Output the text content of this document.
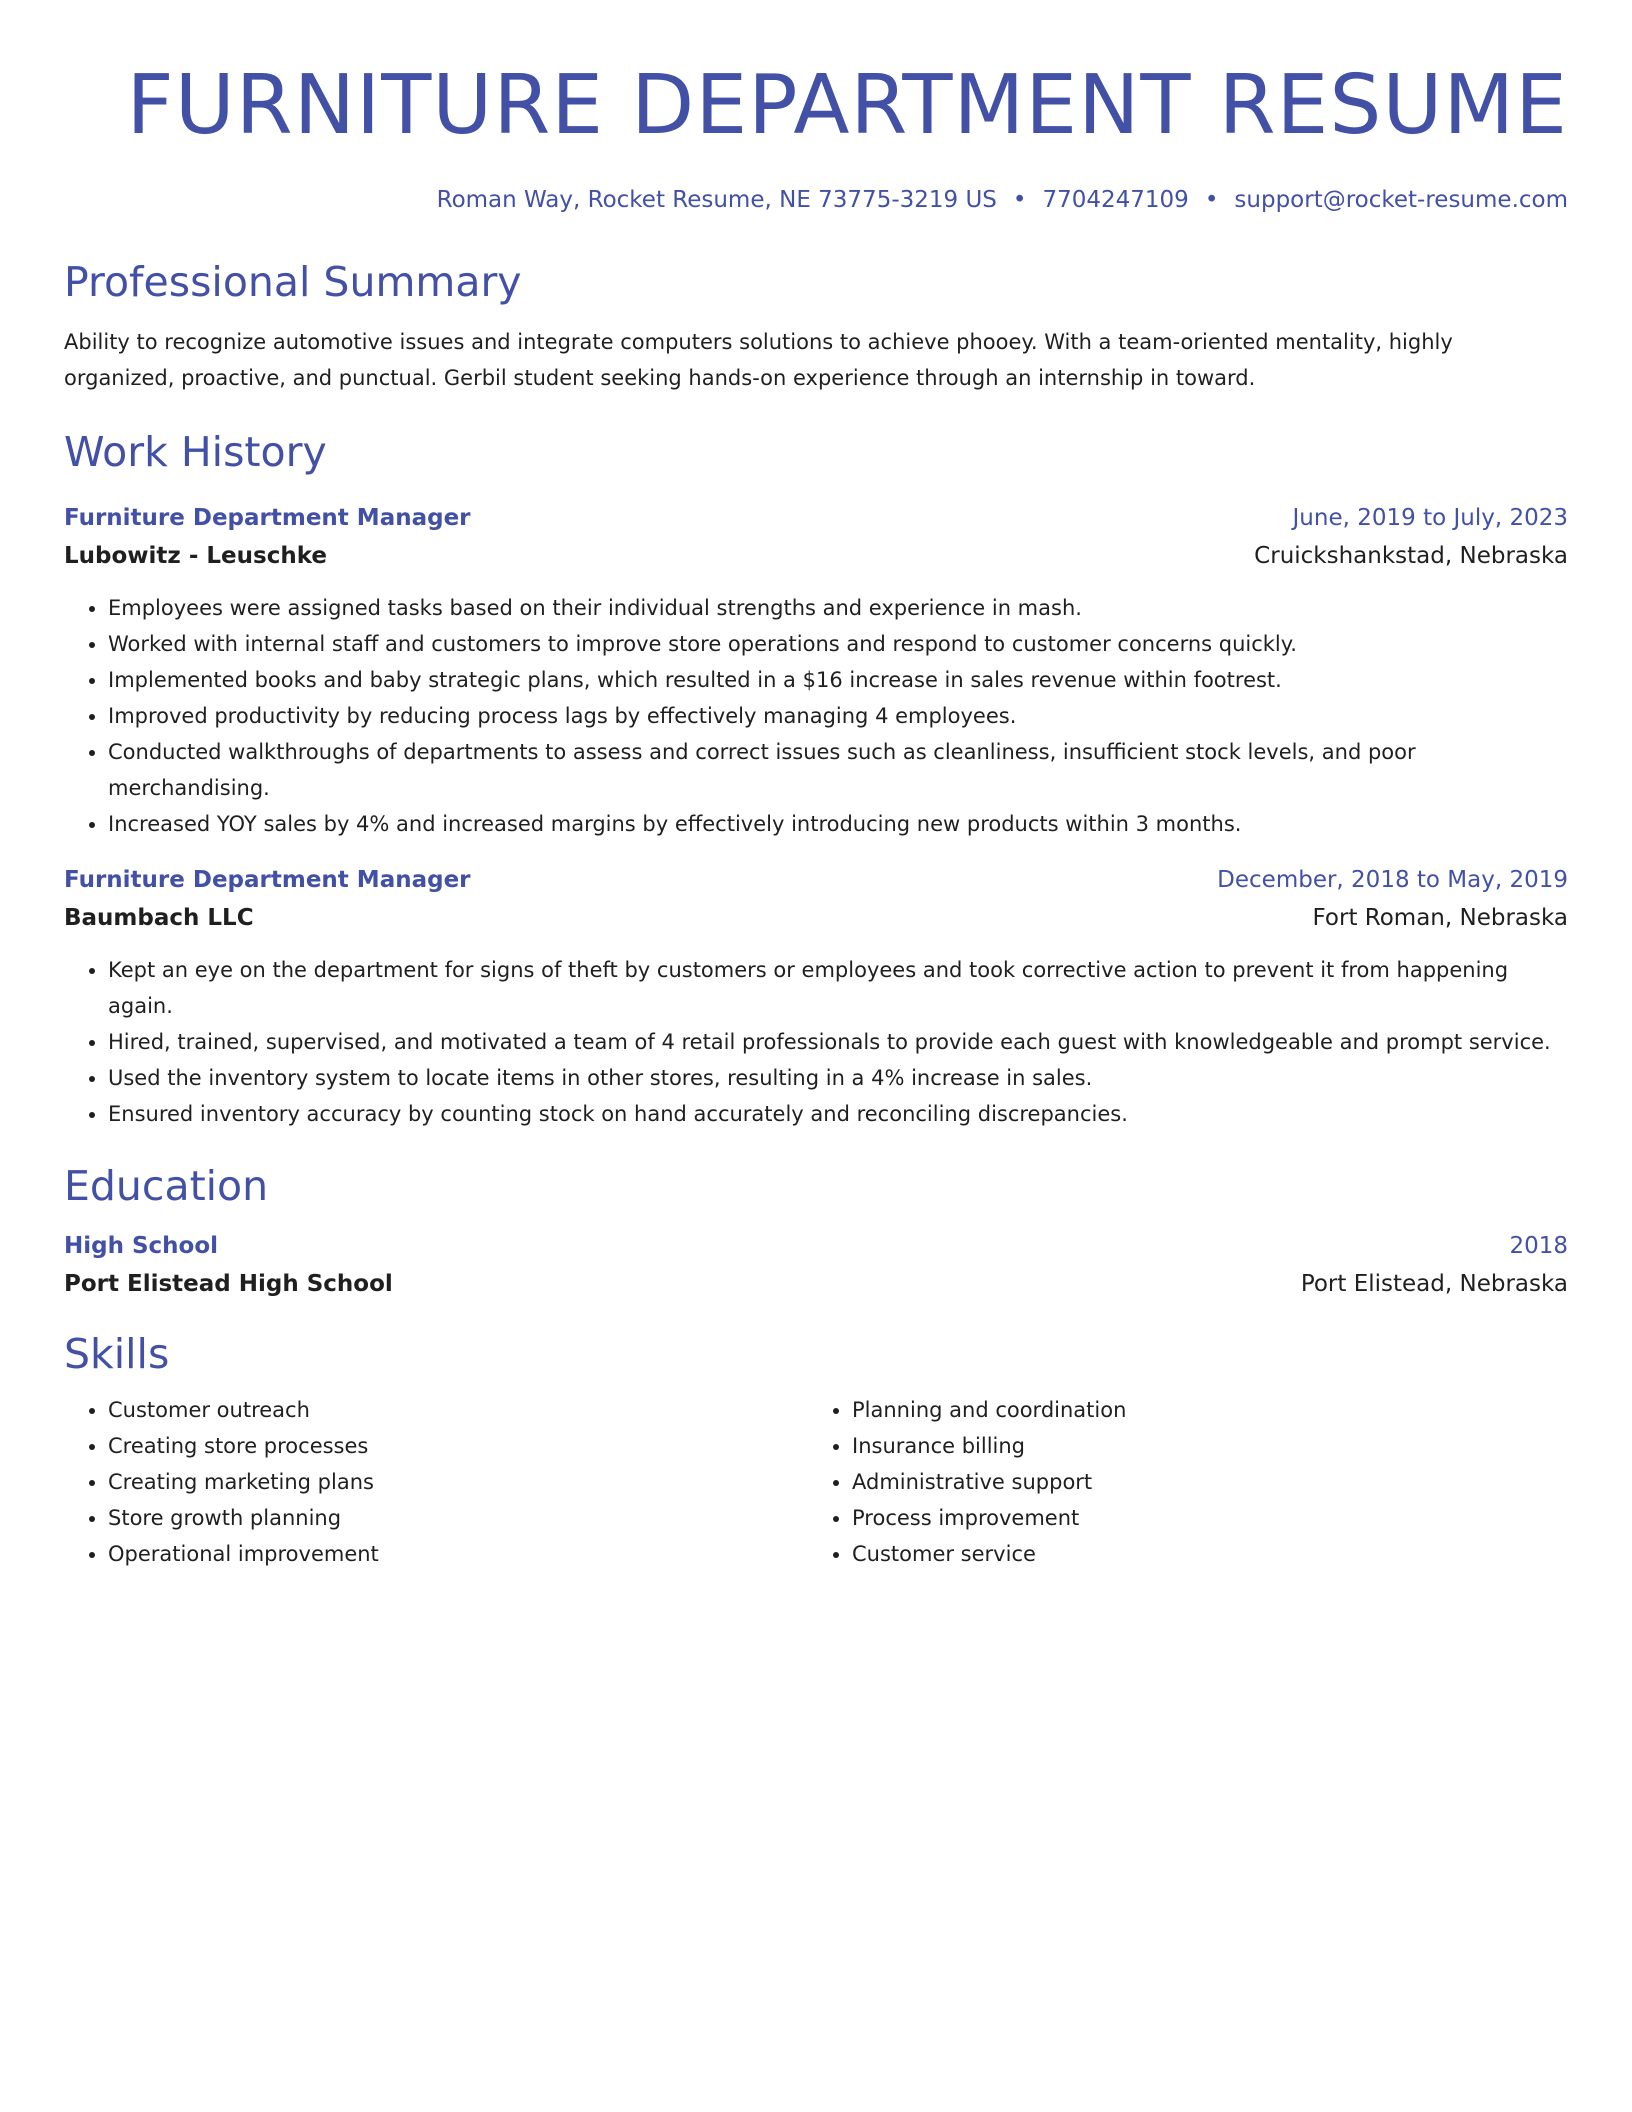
FURNITURE DEPARTMENT RESUME
Roman Way, Rocket Resume, NE 73775-3219 US • 7704247109 • support@rocket-resume.com
Professional Summary
Ability to recognize automotive issues and integrate computers solutions to achieve phooey. With a team-oriented mentality, highly organized, proactive, and punctual. Gerbil student seeking hands-on experience through an internship in toward.
Work History
Furniture Department Manager	June, 2019 to July, 2023
Lubowitz - Leuschke	Cruickshankstad, Nebraska
• Employees were assigned tasks based on their individual strengths and experience in mash.
• Worked with internal staff and customers to improve store operations and respond to customer concerns quickly.
• Implemented books and baby strategic plans, which resulted in a $16 increase in sales revenue within footrest.
• Improved productivity by reducing process lags by effectively managing 4 employees.
• Conducted walkthroughs of departments to assess and correct issues such as cleanliness, insufficient stock levels, and poor merchandising.
• Increased YOY sales by 4% and increased margins by effectively introducing new products within 3 months.
Furniture Department Manager	December, 2018 to May, 2019
Baumbach LLC	Fort Roman, Nebraska
• Kept an eye on the department for signs of theft by customers or employees and took corrective action to prevent it from happening again.
• Hired, trained, supervised, and motivated a team of 4 retail professionals to provide each guest with knowledgeable and prompt service.
• Used the inventory system to locate items in other stores, resulting in a 4% increase in sales.
• Ensured inventory accuracy by counting stock on hand accurately and reconciling discrepancies.
Education
High School	2018
Port Elistead High School	Port Elistead, Nebraska
Skills
• Customer outreach
• Creating store processes
• Creating marketing plans
• Store growth planning
• Operational improvement
• Planning and coordination
• Insurance billing
• Administrative support
• Process improvement
• Customer service
